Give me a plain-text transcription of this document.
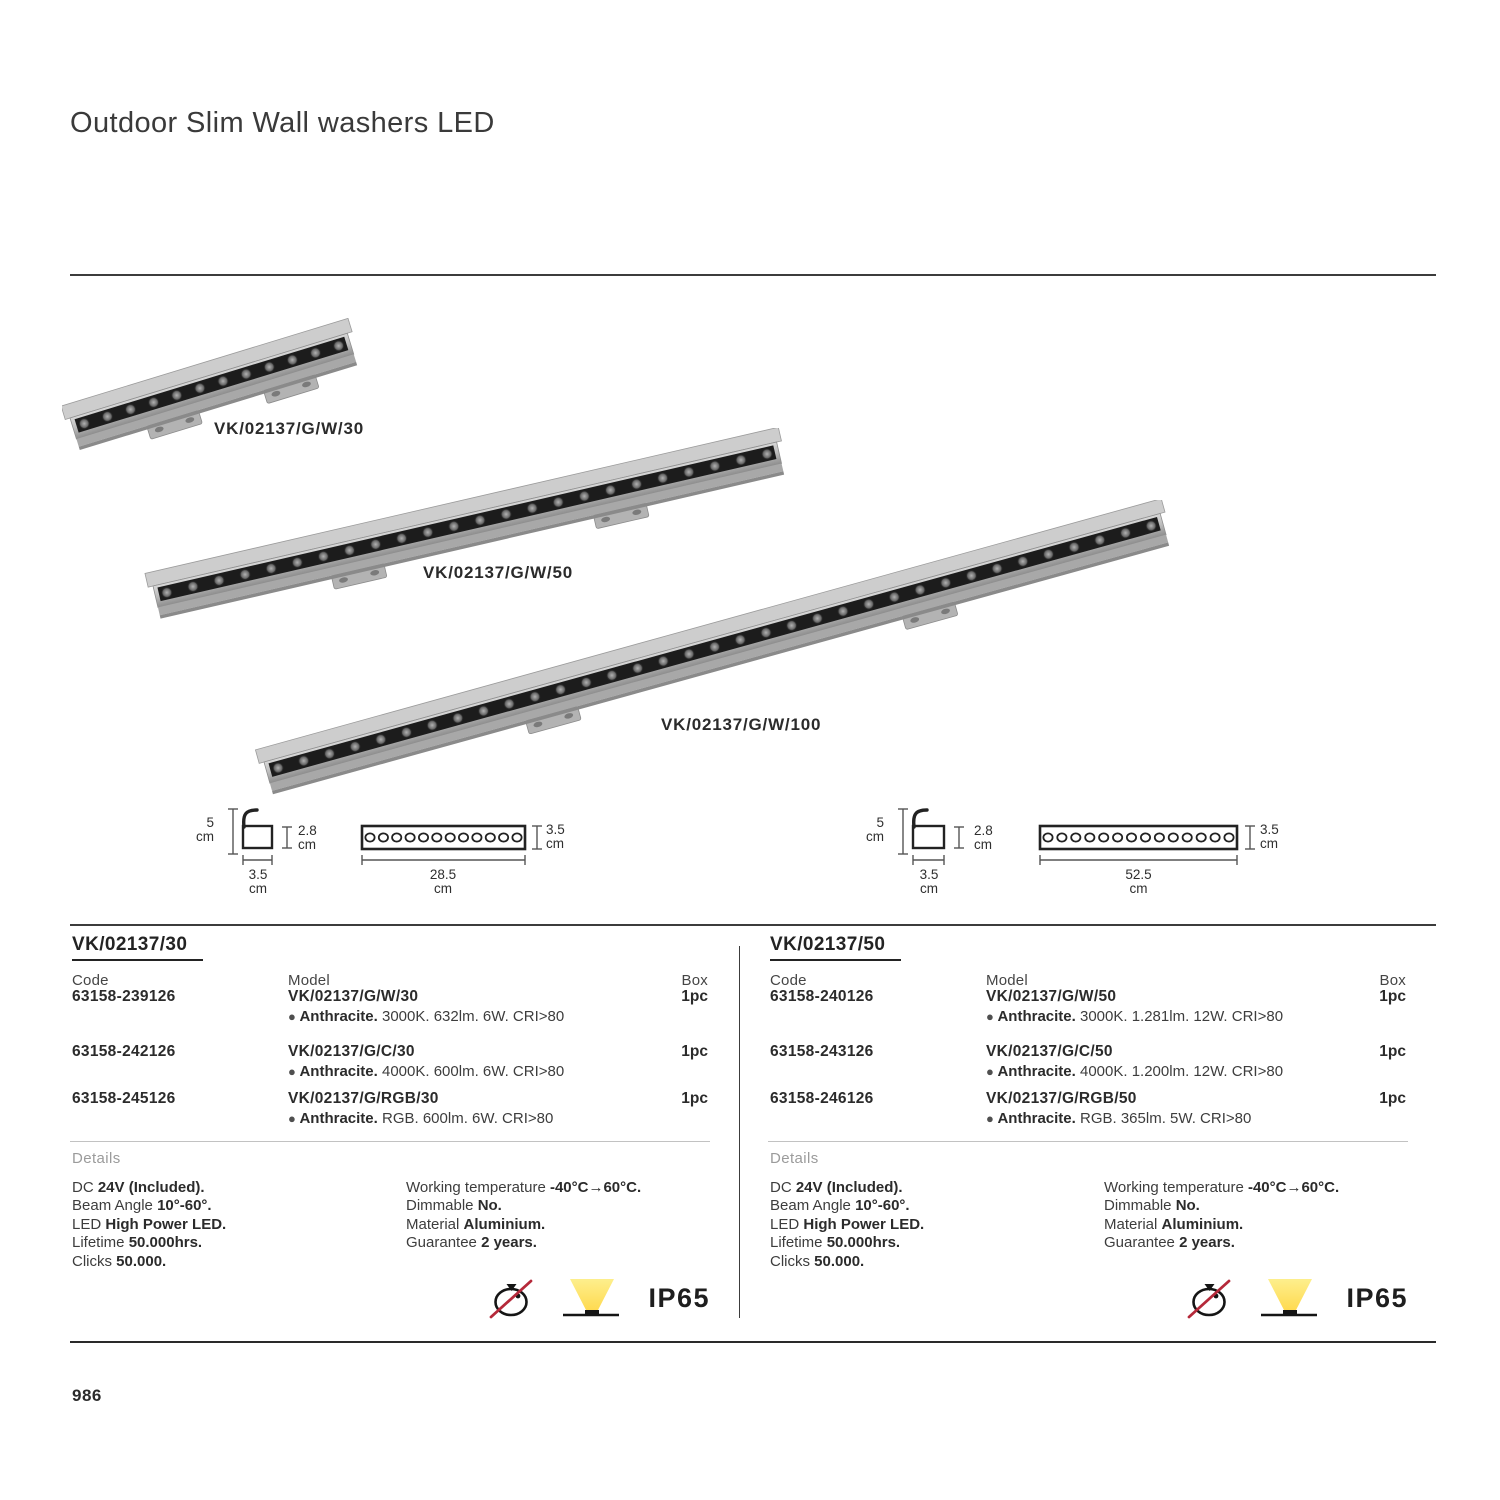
Outdoor Slim Wall washers LED
VK/02137/G/W/30
VK/02137/G/W/50
VK/02137/G/W/100
5
cm	2.8
cm
3.5
cm
28.5
cm
3.5
cm
5
cm	2.8
cm
3.5
cm
52.5
cm
3.5
cm
VK/02137/30
Code	Model	Box
63158-239126	VK/02137/G/W/30	1pc
● Anthracite. 3000K. 632lm. 6W. CRI>80
63158-242126	VK/02137/G/C/30	1pc
● Anthracite. 4000K. 600lm. 6W. CRI>80
63158-245126	VK/02137/G/RGB/30	1pc
● Anthracite. RGB. 600lm. 6W. CRI>80
Details
DC 24V (Included).
Beam Angle 10°-60°.
LED High Power LED.
Lifetime 50.000hrs.
Clicks 50.000.
Working temperature -40°C→60°C.
Dimmable No.
Material Aluminium.
Guarantee 2 years.
IP65
VK/02137/50
Code	Model	Box
63158-240126	VK/02137/G/W/50	1pc
● Anthracite. 3000K. 1.281lm. 12W. CRI>80
63158-243126	VK/02137/G/C/50	1pc
● Anthracite. 4000K. 1.200lm. 12W. CRI>80
63158-246126	VK/02137/G/RGB/50	1pc
● Anthracite. RGB. 365lm. 5W. CRI>80
Details
DC 24V (Included).
Beam Angle 10°-60°.
LED High Power LED.
Lifetime 50.000hrs.
Clicks 50.000.
Working temperature -40°C→60°C.
Dimmable No.
Material Aluminium.
Guarantee 2 years.
IP65
986
